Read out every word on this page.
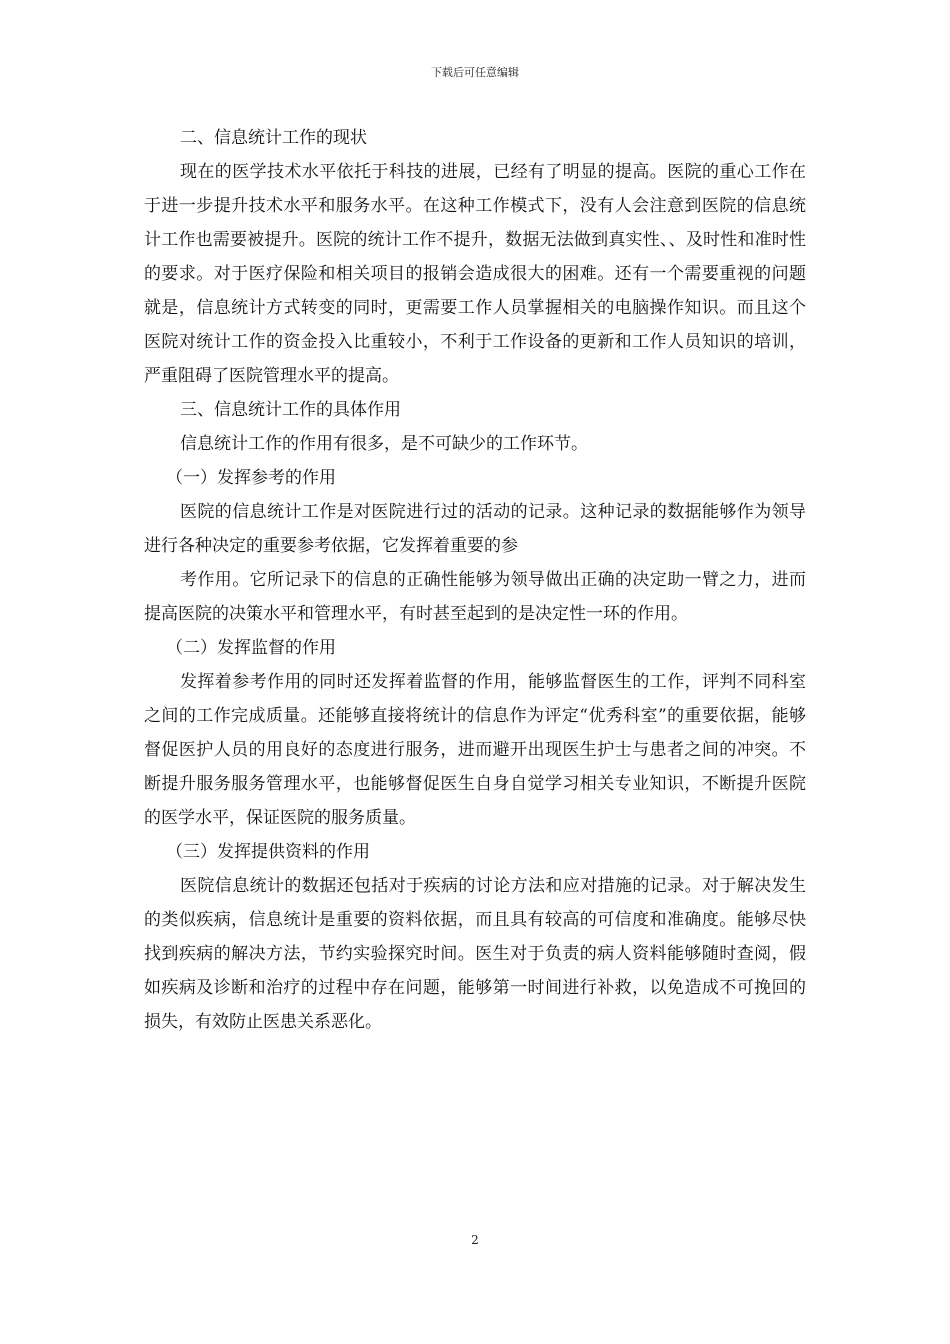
下载后可任意编辑

二、信息统计工作的现状

现在的医学技术水平依托于科技的进展，已经有了明显的提高。医院的重心工作在于进一步提升技术水平和服务水平。在这种工作模式下，没有人会注意到医院的信息统计工作也需要被提升。医院的统计工作不提升，数据无法做到真实性、、及时性和准时性的要求。对于医疗保险和相关项目的报销会造成很大的困难。还有一个需要重视的问题就是，信息统计方式转变的同时，更需要工作人员掌握相关的电脑操作知识。而且这个医院对统计工作的资金投入比重较小，不利于工作设备的更新和工作人员知识的培训，严重阻碍了医院管理水平的提高。

三、信息统计工作的具体作用

信息统计工作的作用有很多，是不可缺少的工作环节。

（一）发挥参考的作用

医院的信息统计工作是对医院进行过的活动的记录。这种记录的数据能够作为领导进行各种决定的重要参考依据，它发挥着重要的参

考作用。它所记录下的信息的正确性能够为领导做出正确的决定助一臂之力，进而提高医院的决策水平和管理水平，有时甚至起到的是决定性一环的作用。

（二）发挥监督的作用

发挥着参考作用的同时还发挥着监督的作用，能够监督医生的工作，评判不同科室之间的工作完成质量。还能够直接将统计的信息作为评定“优秀科室”的重要依据，能够督促医护人员的用良好的态度进行服务，进而避开出现医生护士与患者之间的冲突。不断提升服务服务管理水平，也能够督促医生自身自觉学习相关专业知识，不断提升医院的医学水平，保证医院的服务质量。

（三）发挥提供资料的作用

医院信息统计的数据还包括对于疾病的讨论方法和应对措施的记录。对于解决发生的类似疾病，信息统计是重要的资料依据，而且具有较高的可信度和准确度。能够尽快找到疾病的解决方法，节约实验探究时间。医生对于负责的病人资料能够随时查阅，假如疾病及诊断和治疗的过程中存在问题，能够第一时间进行补救，以免造成不可挽回的损失，有效防止医患关系恶化。

2
